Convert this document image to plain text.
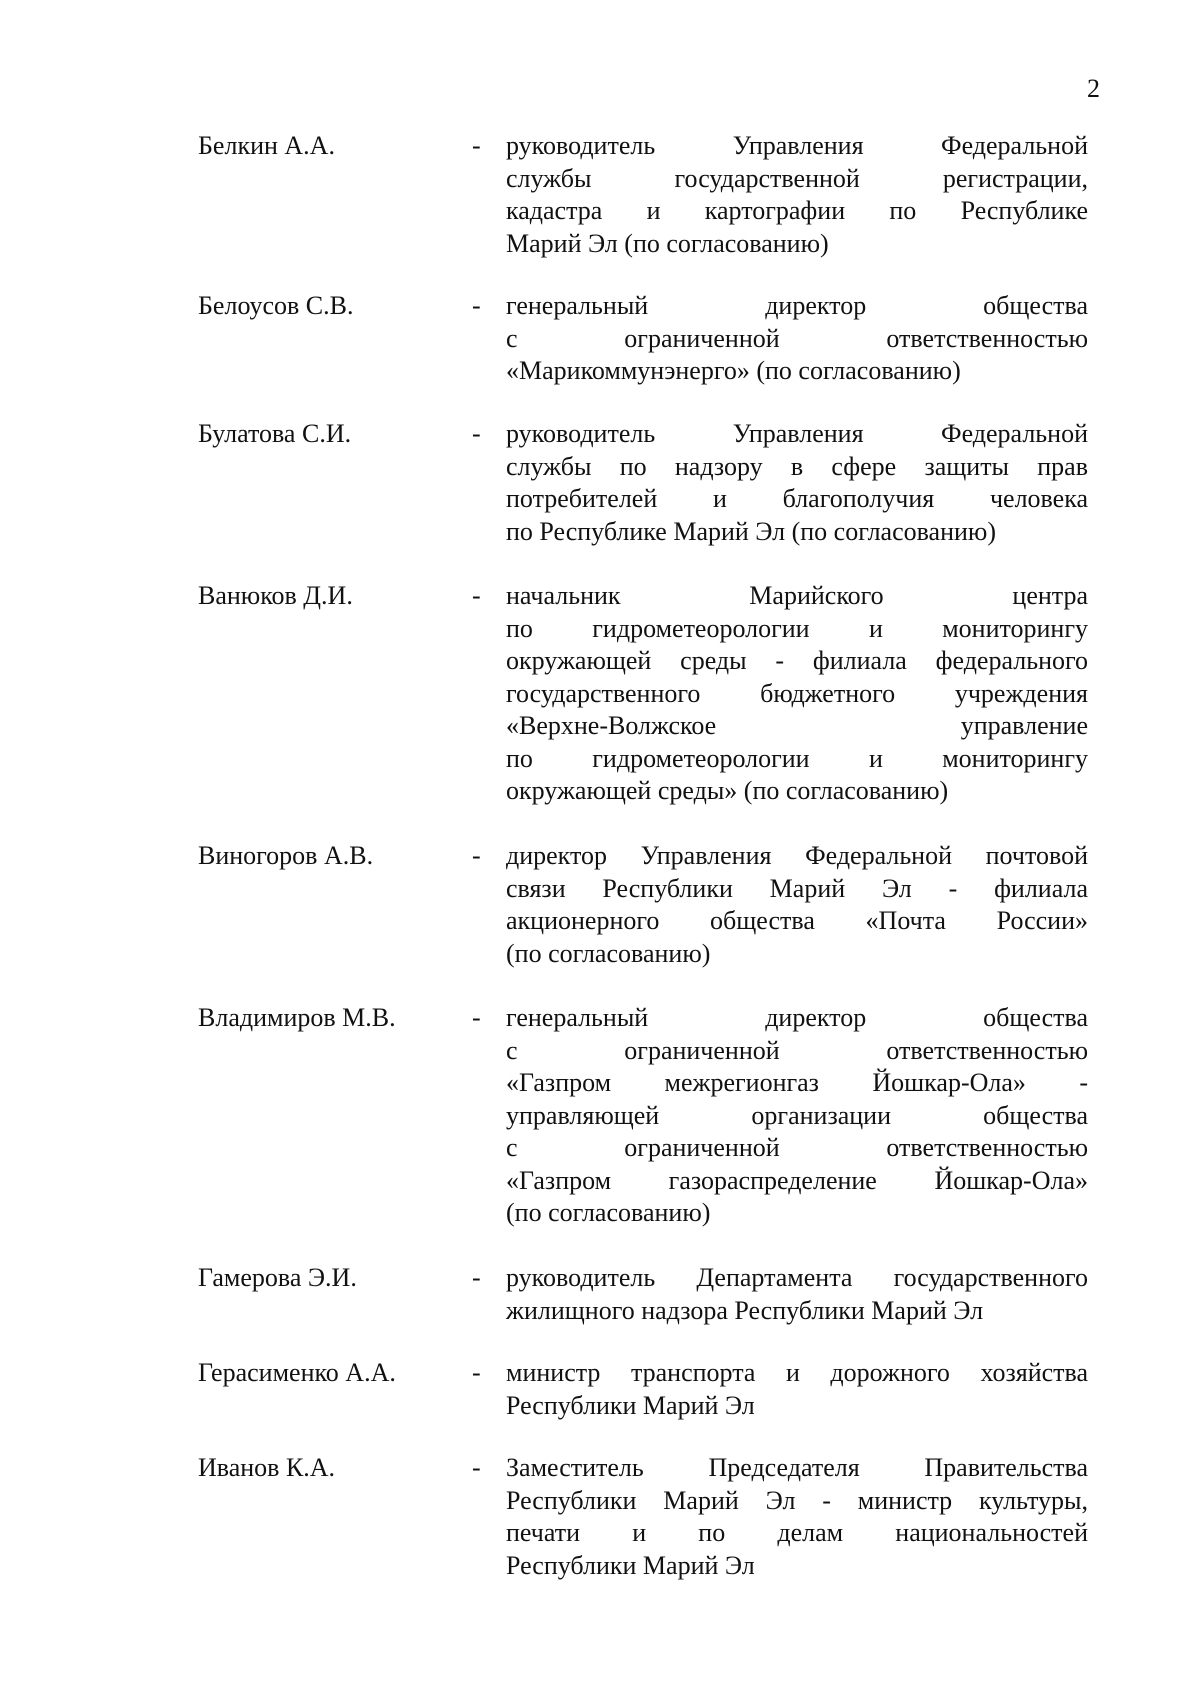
2
Белкин А.А.	- руководитель Управления Федеральной
службы государственной регистрации,
кадастра и картографии по Республике
Марий Эл (по согласованию)
Белоусов С.В.	- генеральный директор общества
с ограниченной ответственностью
«Марикоммунэнерго» (по согласованию)
Булатова С.И.	- руководитель Управления Федеральной
службы по надзору в сфере защиты прав
потребителей и благополучия человека
по Республике Марий Эл (по согласованию)
Ванюков Д.И.	- начальник Марийского центра
по гидрометеорологии и мониторингу
окружающей среды - филиала федерального
государственного бюджетного учреждения
«Верхне-Волжское управление
по гидрометеорологии и мониторингу
окружающей среды» (по согласованию)
Виногоров А.В.	- директор Управления Федеральной почтовой
связи Республики Марий Эл - филиала
акционерного общества «Почта России»
(по согласованию)
Владимиров М.В.	- генеральный директор общества
с ограниченной ответственностью
«Газпром межрегионгаз Йошкар-Ола» -
управляющей организации общества
с ограниченной ответственностью
«Газпром газораспределение Йошкар-Ола»
(по согласованию)
Гамерова Э.И.	- руководитель Департамента государственного
жилищного надзора Республики Марий Эл
Герасименко А.А.	- министр транспорта и дорожного хозяйства
Республики Марий Эл
Иванов К.А.	- Заместитель Председателя Правительства
Республики Марий Эл - министр культуры,
печати и по делам национальностей
Республики Марий Эл
